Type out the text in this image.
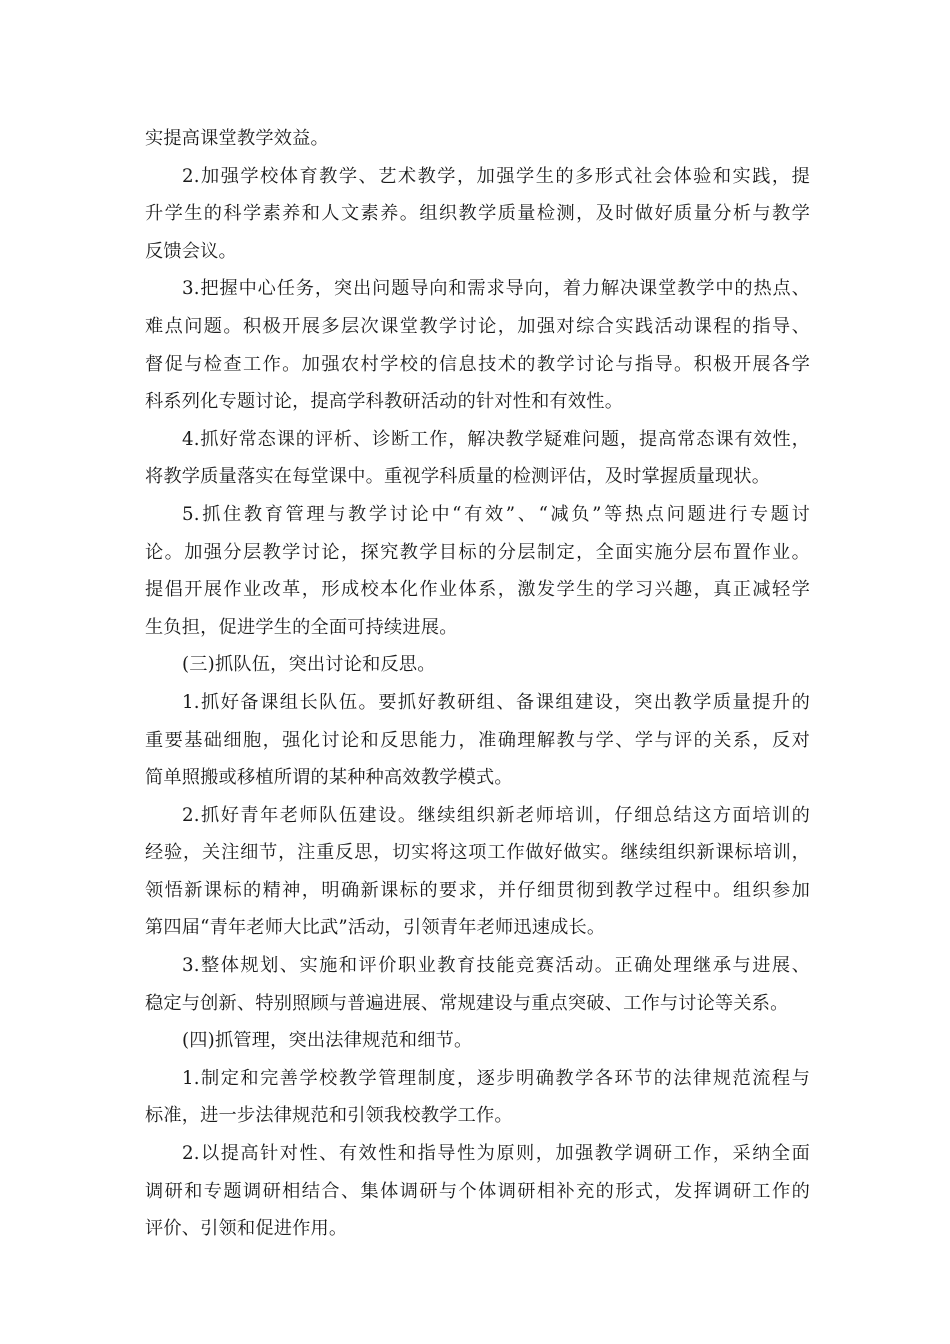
实提高课堂教学效益。
2.加强学校体育教学、艺术教学，加强学生的多形式社会体验和实践，提
升学生的科学素养和人文素养。组织教学质量检测，及时做好质量分析与教学
反馈会议。
3.把握中心任务，突出问题导向和需求导向，着力解决课堂教学中的热点、
难点问题。积极开展多层次课堂教学讨论，加强对综合实践活动课程的指导、
督促与检查工作。加强农村学校的信息技术的教学讨论与指导。积极开展各学
科系列化专题讨论，提高学科教研活动的针对性和有效性。
4.抓好常态课的评析、诊断工作，解决教学疑难问题，提高常态课有效性，
将教学质量落实在每堂课中。重视学科质量的检测评估，及时掌握质量现状。
5.抓住教育管理与教学讨论中“有效”、“减负”等热点问题进行专题讨
论。加强分层教学讨论，探究教学目标的分层制定，全面实施分层布置作业。
提倡开展作业改革，形成校本化作业体系，激发学生的学习兴趣，真正减轻学
生负担，促进学生的全面可持续进展。
(三)抓队伍，突出讨论和反思。
1.抓好备课组长队伍。要抓好教研组、备课组建设，突出教学质量提升的
重要基础细胞，强化讨论和反思能力，准确理解教与学、学与评的关系，反对
简单照搬或移植所谓的某种种高效教学模式。
2.抓好青年老师队伍建设。继续组织新老师培训，仔细总结这方面培训的
经验，关注细节，注重反思，切实将这项工作做好做实。继续组织新课标培训，
领悟新课标的精神，明确新课标的要求，并仔细贯彻到教学过程中。组织参加
第四届“青年老师大比武”活动，引领青年老师迅速成长。
3.整体规划、实施和评价职业教育技能竞赛活动。正确处理继承与进展、
稳定与创新、特别照顾与普遍进展、常规建设与重点突破、工作与讨论等关系。
(四)抓管理，突出法律规范和细节。
1.制定和完善学校教学管理制度，逐步明确教学各环节的法律规范流程与
标准，进一步法律规范和引领我校教学工作。
2.以提高针对性、有效性和指导性为原则，加强教学调研工作，采纳全面
调研和专题调研相结合、集体调研与个体调研相补充的形式，发挥调研工作的
评价、引领和促进作用。
